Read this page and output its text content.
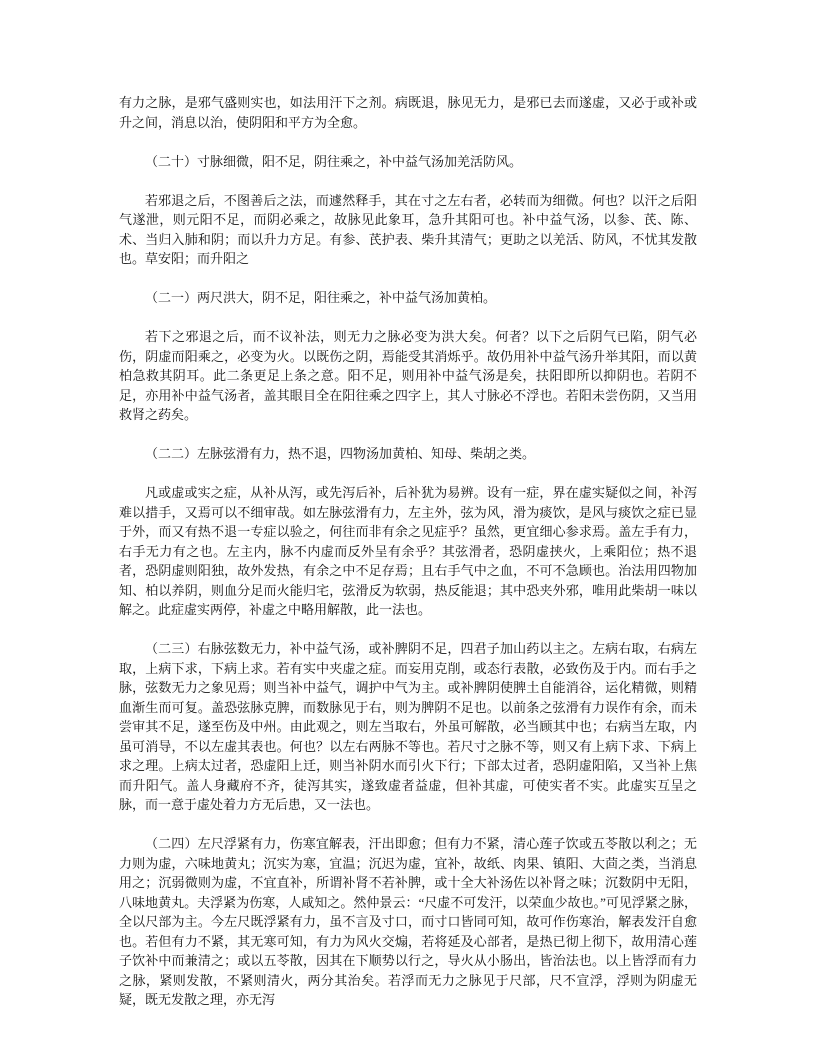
有力之脉，是邪气盛则实也，如法用汗下之剂。病既退，脉见无力，是邪已去而遂虚，又必于或补或升之间，消息以治，使阴阳和平方为全愈。

（二十）寸脉细微，阳不足，阴往乘之，补中益气汤加羌活防风。

若邪退之后，不图善后之法，而遽然释手，其在寸之左右者，必转而为细微。何也？以汗之后阳气遂泄，则元阳不足，而阴必乘之，故脉见此象耳，急升其阳可也。补中益气汤，以参、芪、陈、术、当归入肺和阴；而以升力方足。有参、芪护表、柴升其清气；更助之以羌活、防风，不忧其发散也。草安阳；而升阳之

（二一）两尺洪大，阴不足，阳往乘之，补中益气汤加黄柏。

若下之邪退之后，而不议补法，则无力之脉必变为洪大矣。何者？以下之后阴气已陷，阴气必伤，阴虚而阳乘之，必变为火。以既伤之阴，焉能受其消烁乎。故仍用补中益气汤升举其阳，而以黄柏急救其阴耳。此二条更足上条之意。阳不足，则用补中益气汤是矣，扶阳即所以抑阴也。若阴不足，亦用补中益气汤者，盖其眼目全在阳往乘之四字上，其人寸脉必不浮也。若阳未尝伤阴，又当用救肾之药矣。

（二二）左脉弦滑有力，热不退，四物汤加黄柏、知母、柴胡之类。

凡或虚或实之症，从补从泻，或先泻后补，后补犹为易辨。设有一症，界在虚实疑似之间，补泻难以措手，又焉可以不细审哉。如左脉弦滑有力，左主外，弦为风，滑为痰饮，是风与痰饮之症已显于外，而又有热不退一专症以验之，何往而非有余之见症乎？虽然，更宜细心参求焉。盖左手有力，右手无力有之也。左主内，脉不内虚而反外呈有余乎？其弦滑者，恐阴虚挟火，上乘阳位；热不退者，恐阴虚则阳独，故外发热，有余之中不足存焉；且右手气中之血，不可不急顾也。治法用四物加知、柏以养阴，则血分足而火能归宅，弦滑反为软弱，热反能退；其中恐夹外邪，唯用此柴胡一味以解之。此症虚实两停，补虚之中略用解散，此一法也。

（二三）右脉弦数无力，补中益气汤，或补脾阴不足，四君子加山药以主之。左病右取，右病左取，上病下求，下病上求。若有实中夹虚之症。而妄用克削，或态行表散，必致伤及于内。而右手之脉，弦数无力之象见焉；则当补中益气，调护中气为主。或补脾阴使脾土自能消谷，运化精微，则精血渐生而可复。盖恐弦脉克脾，而数脉见于右，则为脾阴不足也。以前条之弦滑有力误作有余，而未尝审其不足，遂至伤及中州。由此观之，则左当取右，外虽可解散，必当顾其中也；右病当左取，内虽可消导，不以左虚其表也。何也？以左右两脉不等也。若尺寸之脉不等，则又有上病下求、下病上求之理。上病太过者，恐虚阳上迁，则当补阴水而引火下行；下部太过者，恐阴虚阳陷，又当补上焦而升阳气。盖人身藏府不齐，徒泻其实，遂致虚者益虚，但补其虚，可使实者不实。此虚实互呈之脉，而一意于虚处着力方无后患，又一法也。

（二四）左尺浮紧有力，伤寒宜解表，汗出即愈；但有力不紧，清心莲子饮或五苓散以利之；无力则为虚，六味地黄丸；沉实为寒，宜温；沉迟为虚，宜补，故纸、肉果、镇阳、大茴之类，当消息用之；沉弱微则为虚，不宜直补，所谓补肾不若补脾，或十全大补汤佐以补肾之味；沉数阴中无阳，八味地黄丸。夫浮紧为伤寒，人咸知之。然仲景云：“尺虚不可发汗，以荣血少故也。”可见浮紧之脉，全以尺部为主。今左尺既浮紧有力，虽不言及寸口，而寸口皆同可知，故可作伤寒治，解表发汗自愈也。若但有力不紧，其无寒可知，有力为风火交煽，若将延及心部者，是热已彻上彻下，故用清心莲子饮补中而兼清之；或以五苓散，因其在下顺势以行之，导火从小肠出，皆治法也。以上皆浮而有力之脉，紧则发散，不紧则清火，两分其治矣。若浮而无力之脉见于尺部，尺不宣浮，浮则为阴虚无疑，既无发散之理，亦无泻
